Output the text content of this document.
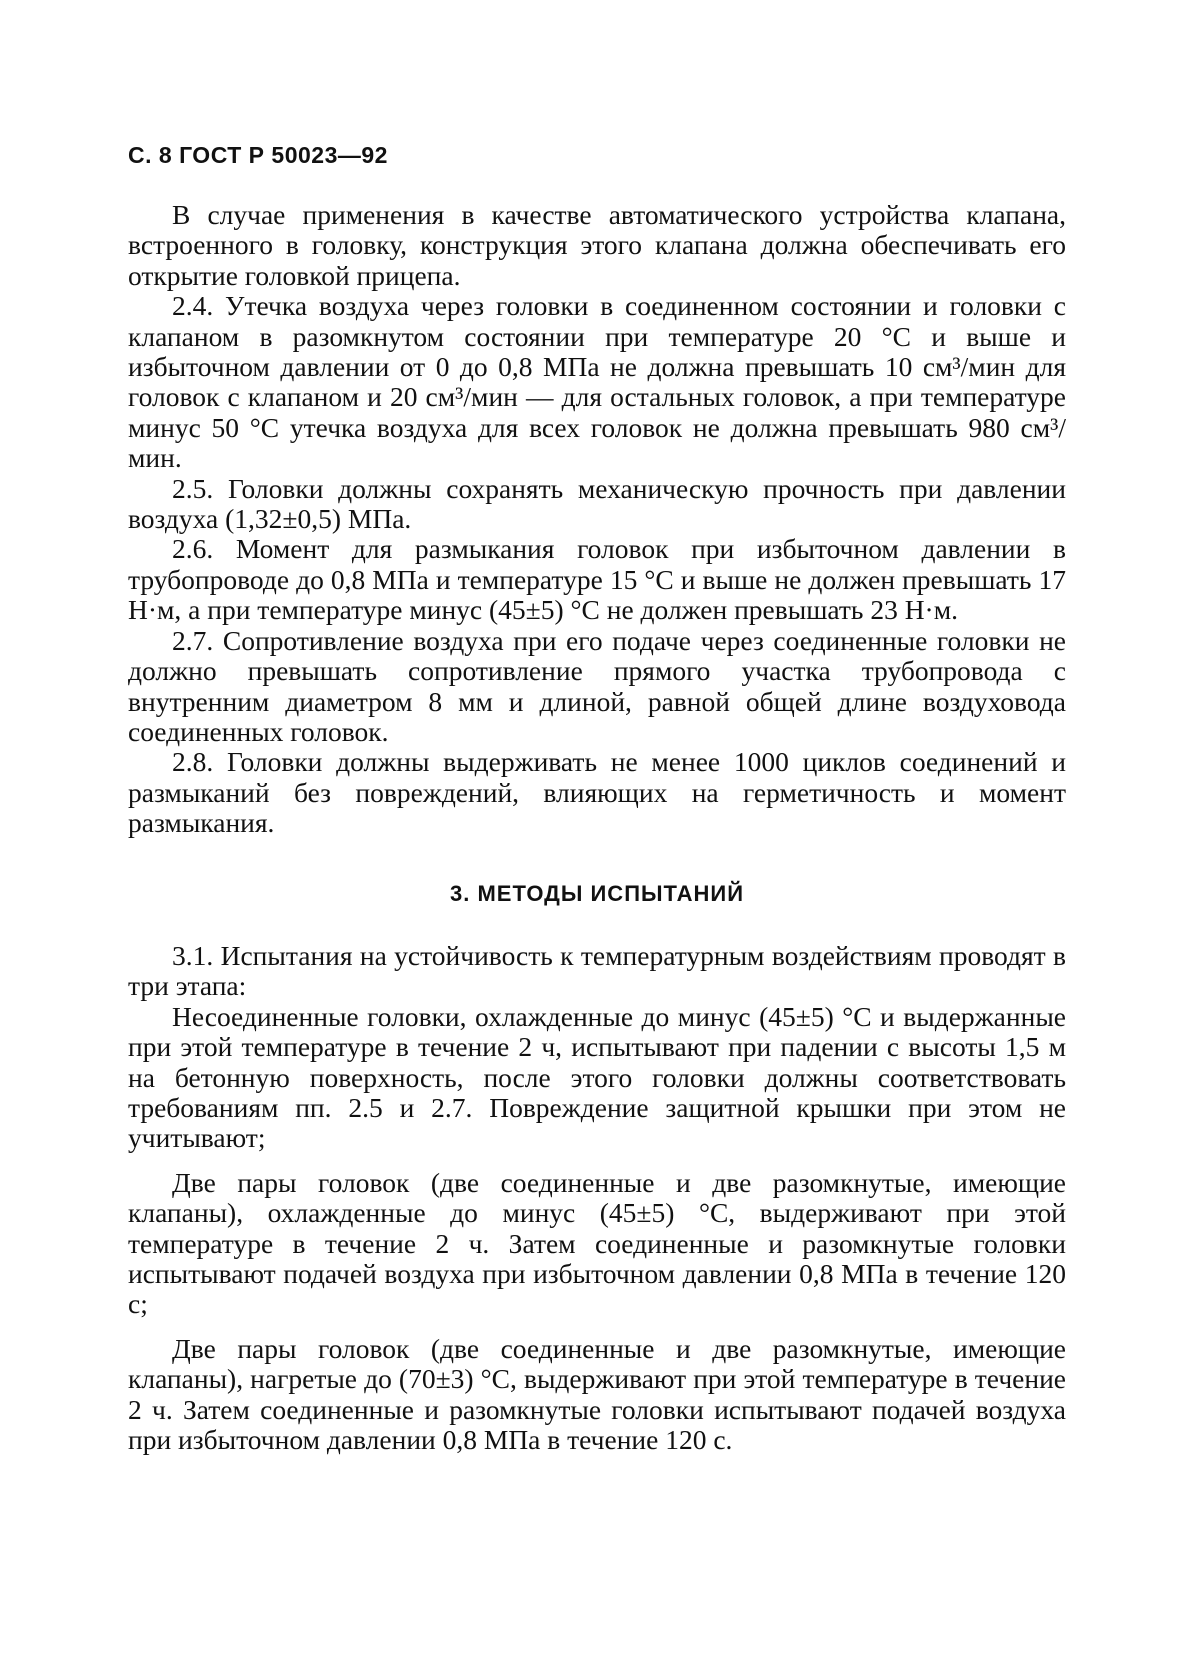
С. 8 ГОСТ Р 50023—92

В случае применения в качестве автоматического устройства клапана, встроенного в головку, конструкция этого клапана должна обеспечивать его открытие головкой прицепа.

2.4. Утечка воздуха через головки в соединенном состоянии и головки с клапаном в разомкнутом состоянии при температуре 20 °С и выше и избыточном давлении от 0 до 0,8 МПа не должна превышать 10 см³/мин для головок с клапаном и 20 см³/мин — для остальных головок, а при температуре минус 50 °С утечка воздуха для всех головок не должна превышать 980 см³/мин.

2.5. Головки должны сохранять механическую прочность при давлении воздуха (1,32±0,5) МПа.

2.6. Момент для размыкания головок при избыточном давлении в трубопроводе до 0,8 МПа и температуре 15 °С и выше не должен превышать 17 Н·м, а при температуре минус (45±5) °С не должен превышать 23 Н·м.

2.7. Сопротивление воздуха при его подаче через соединенные головки не должно превышать сопротивление прямого участка трубопровода с внутренним диаметром 8 мм и длиной, равной общей длине воздуховода соединенных головок.

2.8. Головки должны выдерживать не менее 1000 циклов соединений и размыканий без повреждений, влияющих на герметичность и момент размыкания.

3. МЕТОДЫ ИСПЫТАНИЙ

3.1. Испытания на устойчивость к температурным воздействиям проводят в три этапа:

Несоединенные головки, охлажденные до минус (45±5) °С и выдержанные при этой температуре в течение 2 ч, испытывают при падении с высоты 1,5 м на бетонную поверхность, после этого головки должны соответствовать требованиям пп. 2.5 и 2.7. Повреждение защитной крышки при этом не учитывают;

Две пары головок (две соединенные и две разомкнутые, имеющие клапаны), охлажденные до минус (45±5) °С, выдерживают при этой температуре в течение 2 ч. Затем соединенные и разомкнутые головки испытывают подачей воздуха при избыточном давлении 0,8 МПа в течение 120 с;

Две пары головок (две соединенные и две разомкнутые, имеющие клапаны), нагретые до (70±3) °С, выдерживают при этой температуре в течение 2 ч. Затем соединенные и разомкнутые головки испытывают подачей воздуха при избыточном давлении 0,8 МПа в течение 120 с.
